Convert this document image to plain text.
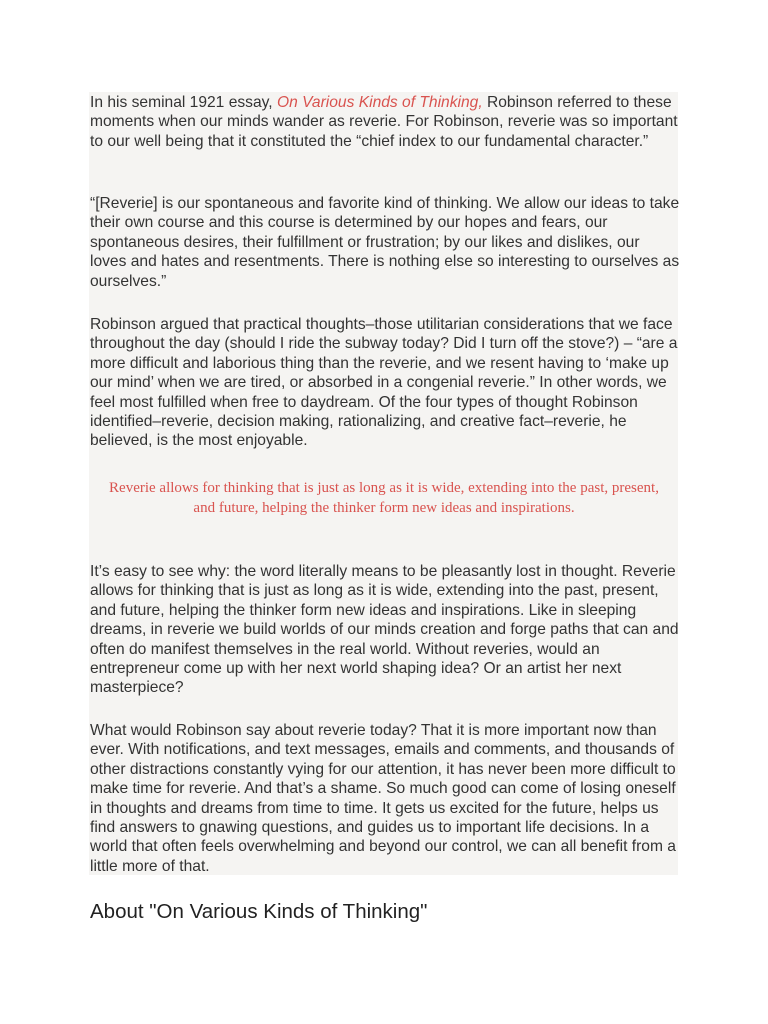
In his seminal 1921 essay, On Various Kinds of Thinking, Robinson referred to these moments when our minds wander as reverie. For Robinson, reverie was so important to our well being that it constituted the “chief index to our fundamental character.”

“[Reverie] is our spontaneous and favorite kind of thinking. We allow our ideas to take their own course and this course is determined by our hopes and fears, our spontaneous desires, their fulfillment or frustration; by our likes and dislikes, our loves and hates and resentments. There is nothing else so interesting to ourselves as ourselves.”

Robinson argued that practical thoughts–those utilitarian considerations that we face throughout the day (should I ride the subway today? Did I turn off the stove?) – “are a more difficult and laborious thing than the reverie, and we resent having to ‘make up our mind’ when we are tired, or absorbed in a congenial reverie.” In other words, we feel most fulfilled when free to daydream. Of the four types of thought Robinson identified–reverie, decision making, rationalizing, and creative fact–reverie, he believed, is the most enjoyable.

Reverie allows for thinking that is just as long as it is wide, extending into the past, present, and future, helping the thinker form new ideas and inspirations.

It’s easy to see why: the word literally means to be pleasantly lost in thought. Reverie allows for thinking that is just as long as it is wide, extending into the past, present, and future, helping the thinker form new ideas and inspirations. Like in sleeping dreams, in reverie we build worlds of our minds creation and forge paths that can and often do manifest themselves in the real world. Without reveries, would an entrepreneur come up with her next world shaping idea? Or an artist her next masterpiece?

What would Robinson say about reverie today? That it is more important now than ever. With notifications, and text messages, emails and comments, and thousands of other distractions constantly vying for our attention, it has never been more difficult to make time for reverie. And that’s a shame. So much good can come of losing oneself in thoughts and dreams from time to time. It gets us excited for the future, helps us find answers to gnawing questions, and guides us to important life decisions. In a world that often feels overwhelming and beyond our control, we can all benefit from a little more of that.

About "On Various Kinds of Thinking"
